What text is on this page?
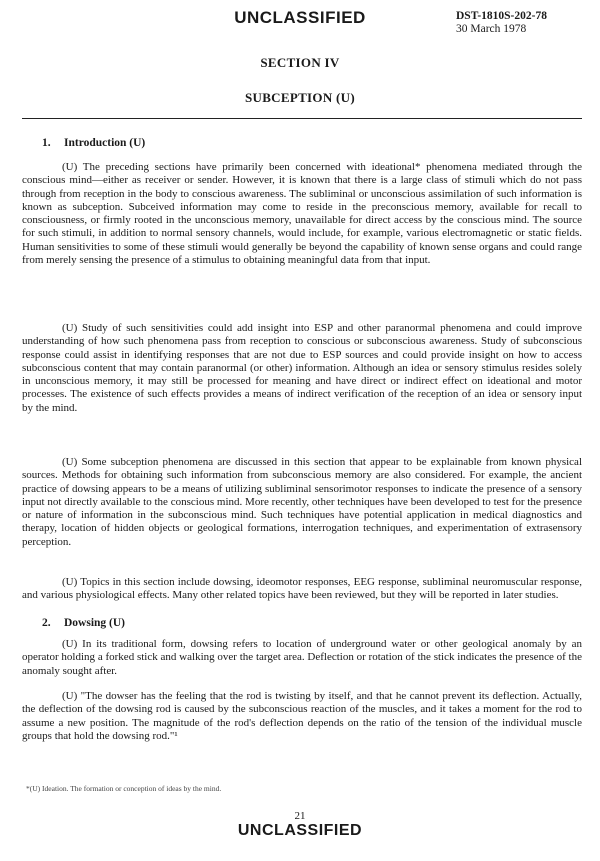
UNCLASSIFIED	DST-1810S-202-78
30 March 1978
SECTION IV
SUBCEPTION (U)
1. Introduction (U)

(U) The preceding sections have primarily been concerned with ideational* phenomena mediated through the conscious mind—either as receiver or sender. However, it is known that there is a large class of stimuli which do not pass through from reception in the body to conscious awareness. The subliminal or unconscious assimilation of such information is known as subception. Subceived information may come to reside in the preconscious memory, available for recall to consciousness, or firmly rooted in the unconscious memory, unavailable for direct access by the conscious mind. The source for such stimuli, in addition to normal sensory channels, would include, for example, various electromagnetic or static fields. Human sensitivities to some of these stimuli would generally be beyond the capability of known sense organs and could range from merely sensing the presence of a stimulus to obtaining meaningful data from that input.

(U) Study of such sensitivities could add insight into ESP and other paranormal phenomena and could improve understanding of how such phenomena pass from reception to conscious or subconscious awareness. Study of subconscious response could assist in identifying responses that are not due to ESP sources and could provide insight on how to access subconscious content that may contain paranormal (or other) information. Although an idea or sensory stimulus resides solely in unconscious memory, it may still be processed for meaning and have direct or indirect effect on ideational and motor processes. The existence of such effects provides a means of indirect verification of the reception of an idea or sensory input by the mind.

(U) Some subception phenomena are discussed in this section that appear to be explainable from known physical sources. Methods for obtaining such information from subconscious memory are also considered. For example, the ancient practice of dowsing appears to be a means of utilizing subliminal sensorimotor responses to indicate the presence of a sensory input not directly available to the conscious mind. More recently, other techniques have been developed to test for the presence or nature of information in the subconscious mind. Such techniques have potential application in medical diagnostics and therapy, location of hidden objects or geological formations, interrogation techniques, and experimentation of extrasensory perception.

(U) Topics in this section include dowsing, ideomotor responses, EEG response, subliminal neuromuscular response, and various physiological effects. Many other related topics have been reviewed, but they will be reported in later studies.

2. Dowsing (U)

(U) In its traditional form, dowsing refers to location of underground water or other geological anomaly by an operator holding a forked stick and walking over the target area. Deflection or rotation of the stick indicates the presence of the anomaly sought after.

(U) "The dowser has the feeling that the rod is twisting by itself, and that he cannot prevent its deflection. Actually, the deflection of the dowsing rod is caused by the subconscious reaction of the muscles, and it takes a moment for the rod to assume a new position. The magnitude of the rod's deflection depends on the ratio of the tension of the individual muscle groups that hold the dowsing rod."¹

*(U) Ideation. The formation or conception of ideas by the mind.
21
UNCLASSIFIED
